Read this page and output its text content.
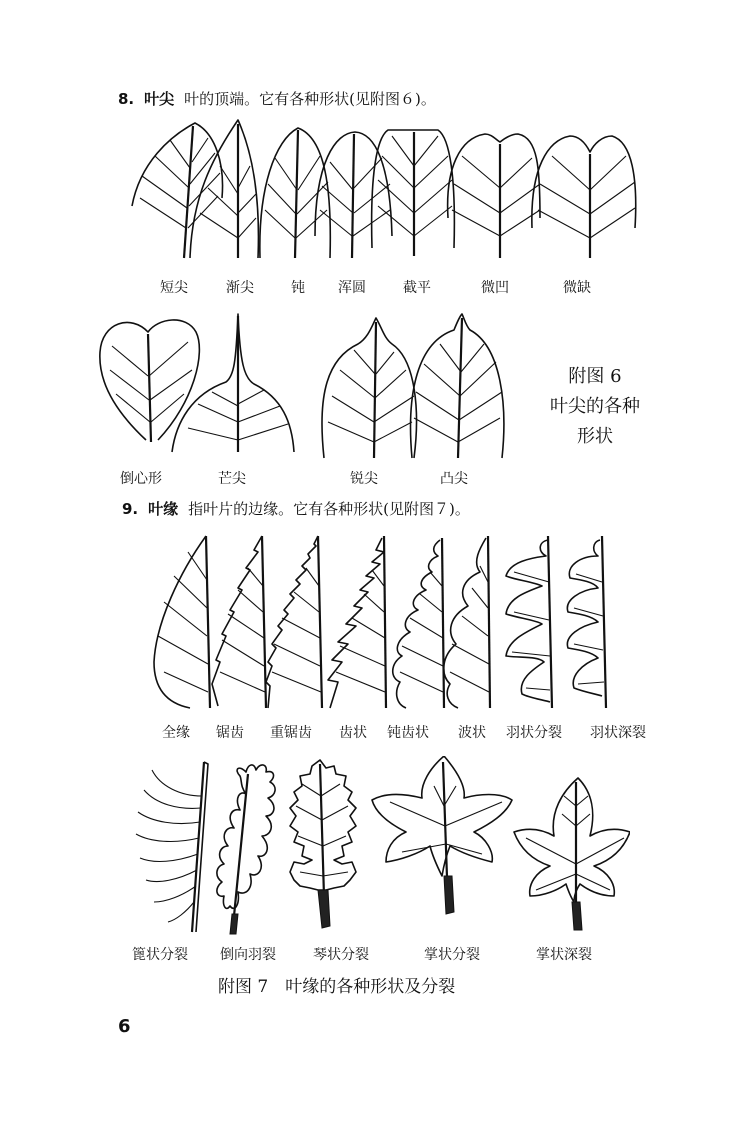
8. 叶尖 叶的顶端。它有各种形状(见附图６)。
短尖	渐尖	钝 浑圆	截平	微凹	微缺
附图 6
叶尖的各种
形状
倒心形	芒尖	锐尖	凸尖
9. 叶缘 指叶片的边缘。它有各种形状(见附图７)。
全缘 锯齿 重锯齿 齿状 钝齿状 波状 羽状分裂 羽状深裂
篦状分裂 倒向羽裂	琴状分裂	掌状分裂	掌状深裂
附图 7　叶缘的各种形状及分裂
6
